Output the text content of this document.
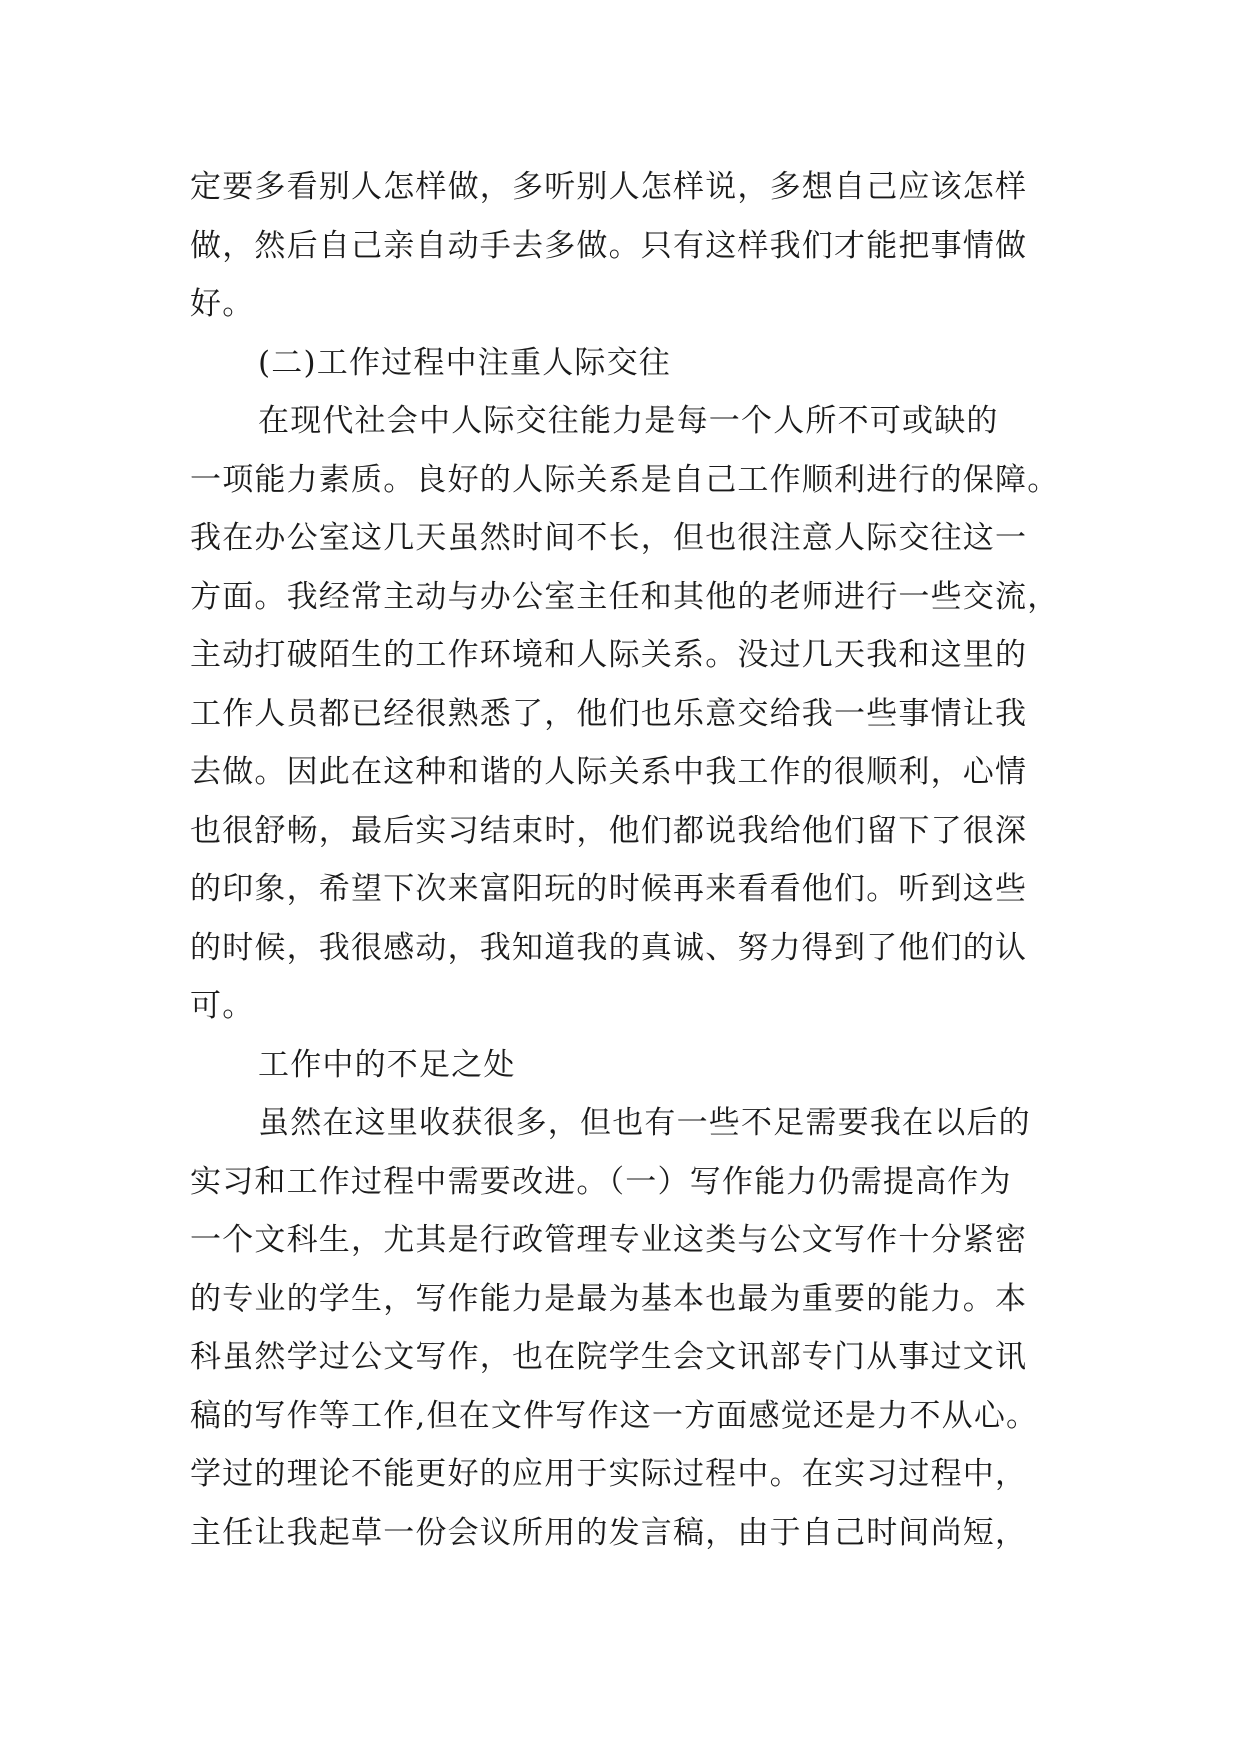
定要多看别人怎样做，多听别人怎样说，多想自己应该怎样
做，然后自己亲自动手去多做。只有这样我们才能把事情做
好。
(二)工作过程中注重人际交往
在现代社会中人际交往能力是每一个人所不可或缺的
一项能力素质。良好的人际关系是自己工作顺利进行的保障。
我在办公室这几天虽然时间不长，但也很注意人际交往这一
方面。我经常主动与办公室主任和其他的老师进行一些交流，
主动打破陌生的工作环境和人际关系。没过几天我和这里的
工作人员都已经很熟悉了，他们也乐意交给我一些事情让我
去做。因此在这种和谐的人际关系中我工作的很顺利，心情
也很舒畅，最后实习结束时，他们都说我给他们留下了很深
的印象，希望下次来富阳玩的时候再来看看他们。听到这些
的时候，我很感动，我知道我的真诚、努力得到了他们的认
可。
工作中的不足之处
虽然在这里收获很多，但也有一些不足需要我在以后的
实习和工作过程中需要改进。（一）写作能力仍需提高作为
一个文科生，尤其是行政管理专业这类与公文写作十分紧密
的专业的学生，写作能力是最为基本也最为重要的能力。本
科虽然学过公文写作，也在院学生会文讯部专门从事过文讯
稿的写作等工作,但在文件写作这一方面感觉还是力不从心。
学过的理论不能更好的应用于实际过程中。在实习过程中，
主任让我起草一份会议所用的发言稿，由于自己时间尚短，
